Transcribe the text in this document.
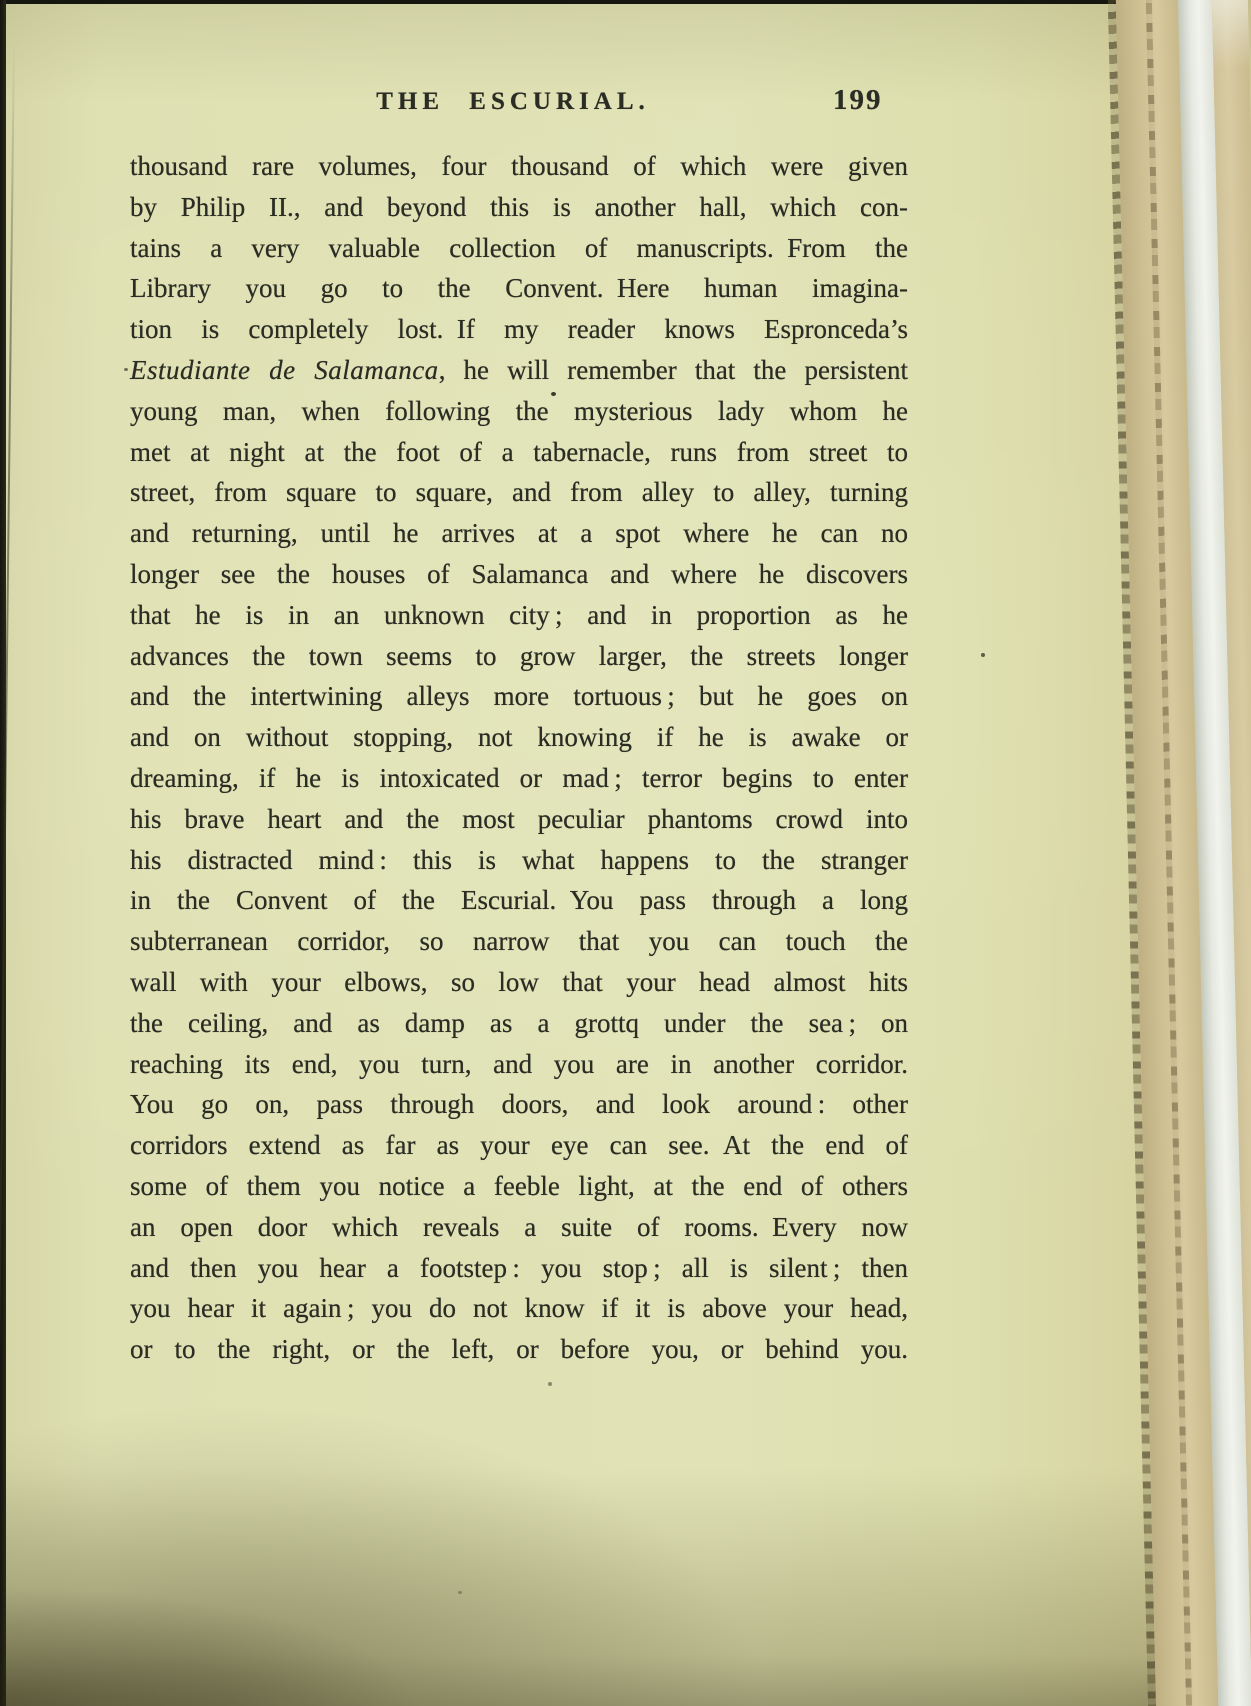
THE ESCURIAL.	199
thousand rare volumes, four thousand of which were given
by Philip II., and beyond this is another hall, which con-
tains a very valuable collection of manuscripts. From the
Library you go to the Convent. Here human imagina-
tion is completely lost. If my reader knows Espronceda’s
Estudiante de Salamanca, he will remember that the persistent
young man, when following the mysterious lady whom he
met at night at the foot of a tabernacle, runs from street to
street, from square to square, and from alley to alley, turning
and returning, until he arrives at a spot where he can no
longer see the houses of Salamanca and where he discovers
that he is in an unknown city ; and in proportion as he
advances the town seems to grow larger, the streets longer
and the intertwining alleys more tortuous ; but he goes on
and on without stopping, not knowing if he is awake or
dreaming, if he is intoxicated or mad ; terror begins to enter
his brave heart and the most peculiar phantoms crowd into
his distracted mind : this is what happens to the stranger
in the Convent of the Escurial. You pass through a long
subterranean corridor, so narrow that you can touch the
wall with your elbows, so low that your head almost hits
the ceiling, and as damp as a grottq under the sea ; on
reaching its end, you turn, and you are in another corridor.
You go on, pass through doors, and look around : other
corridors extend as far as your eye can see. At the end of
some of them you notice a feeble light, at the end of others
an open door which reveals a suite of rooms. Every now
and then you hear a footstep : you stop ; all is silent ; then
you hear it again ; you do not know if it is above your head,
or to the right, or the left, or before you, or behind you.
